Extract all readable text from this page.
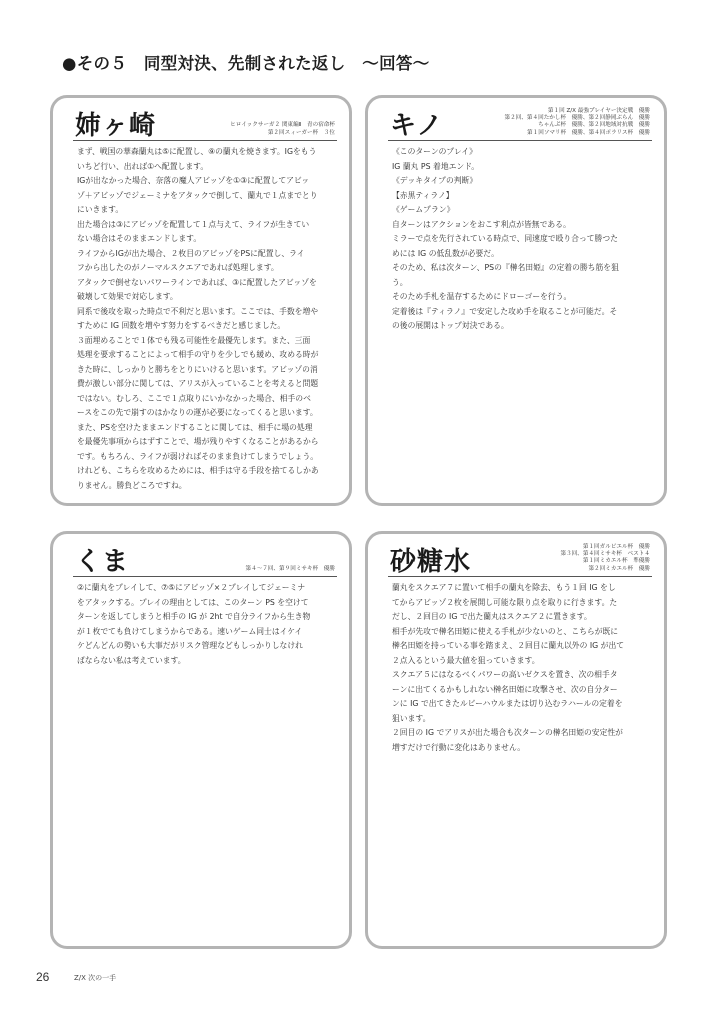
●その５　同型対決、先制された返し　〜回答〜
姉ヶ崎	ヒロイックサーガ２ 関東編Ⅱ　青の宿命杯
第２回スィーガー杯　３位

まず、戦国の華森蘭丸は⑤に配置し、⑨の蘭丸を焼きます。IGをもう

いちど行い、出れば①へ配置します。

IGが出なかった場合、奈落の魔人アビッゾを①③に配置してアビッ

ゾ＋アビッゾでジェーミナをアタックで倒して、蘭丸で１点までとり

にいきます。

出た場合は③にアビッゾを配置して１点与えて、ライフが生きてい

ない場合はそのままエンドします。

ライフからIGが出た場合、２枚目のアビッゾをPSに配置し、ライ

フから出したのがノーマルスクエアであれば処理します。

アタックで倒せないパワーラインであれば、③に配置したアビッゾを

破壊して効果で対応します。

同系で後攻を取った時点で不利だと思います。ここでは、手数を増や

すために IG 回数を増やす努力をするべきだと感じました。

３面埋めることで１体でも残る可能性を最優先します。また、三面

処理を要求することによって相手の守りを少しでも緩め、攻める時が

きた時に、しっかりと勝ちをとりにいけると思います。アビッゾの消

費が激しい部分に関しては、アリスが入っていることを考えると問題

ではない。むしろ、ここで１点取りにいかなかった場合、相手のベ

ースをこの先で崩すのはかなりの運が必要になってくると思います。

また、PSを空けたままエンドすることに関しては、相手に場の処理

を最優先事項からはずすことで、場が残りやすくなることがあるから

です。もちろん、ライフが弱ければそのまま負けてしまうでしょう。

けれども、こちらを攻めるためには、相手は守る手段を捨てるしかあ

りません。勝負どころですね。

キノ
第１回 Z/X 最強プレイヤー決定戦　優勝
第２回、第４回たかし杯　優勝、第２回静岡ぶらん　優勝
ちゃんぷ杯　優勝、第２回地域対抗戦　優勝
第１回ソマリ杯　優勝、第４回ポラリス杯　優勝

《このターンのプレイ》

IG 蘭丸 PS 着地エンド。

《デッキタイプの判断》

【赤黒ティラノ】

《ゲームプラン》

自ターンはアクションをおこす利点が皆無である。

ミラーで点を先行されている時点で、同速度で殴り合って勝つた

めには IG の低乱数が必要だ。

そのため、私は次ターン、PSの『榊名田姫』の定着の勝ち筋を狙

う。

そのため手札を温存するためにドローゴーを行う。

定着後は『ティラノ』で安定した攻め手を取ることが可能だ。そ

の後の展開はトップ対決である。

くま	第４〜７回、第９回ミサキ杯　優勝

②に蘭丸をプレイして、⑦⑤にアビッゾ×２プレイしてジェーミナ

をアタックする。プレイの理由としては、このターン PS を空けて

ターンを返してしまうと相手の IG が 2ht で自分ライフから生き物

が１枚でても負けてしまうからである。速いゲーム同士はイケイ

ケどんどんの勢いも大事だがリスク管理などもしっかりしなけれ

ばならない私は考えています。

砂糖水
第１回ガルビエル杯　優勝
第３回、第４回ミサキ杯　ベスト４
第１回ミカエル杯　準優勝
第２回ミカエル杯　優勝

蘭丸をスクエア７に置いて相手の蘭丸を除去、もう１回 IG をし

てからアビッゾ２枚を展開し可能な限り点を取りに行きます。た

だし、２回目の IG で出た蘭丸はスクエア２に置きます。

相手が先攻で榊名田姫に使える手札が少ないのと、こちらが既に

榊名田姫を持っている事を踏まえ、２回目に蘭丸以外の IG が出て

２点入るという最大値を狙っていきます。

スクエア５にはなるべくパワーの高いゼクスを置き、次の相手タ

ーンに出てくるかもしれない榊名田姫に攻撃させ、次の自分ター

ンに IG で出てきたルビーハウルまたは切り込むラハールの定着を

狙います。

２回目の IG でアリスが出た場合も次ターンの榊名田姫の安定性が

増すだけで行動に変化はありません。

26	Z/X 次の一手
